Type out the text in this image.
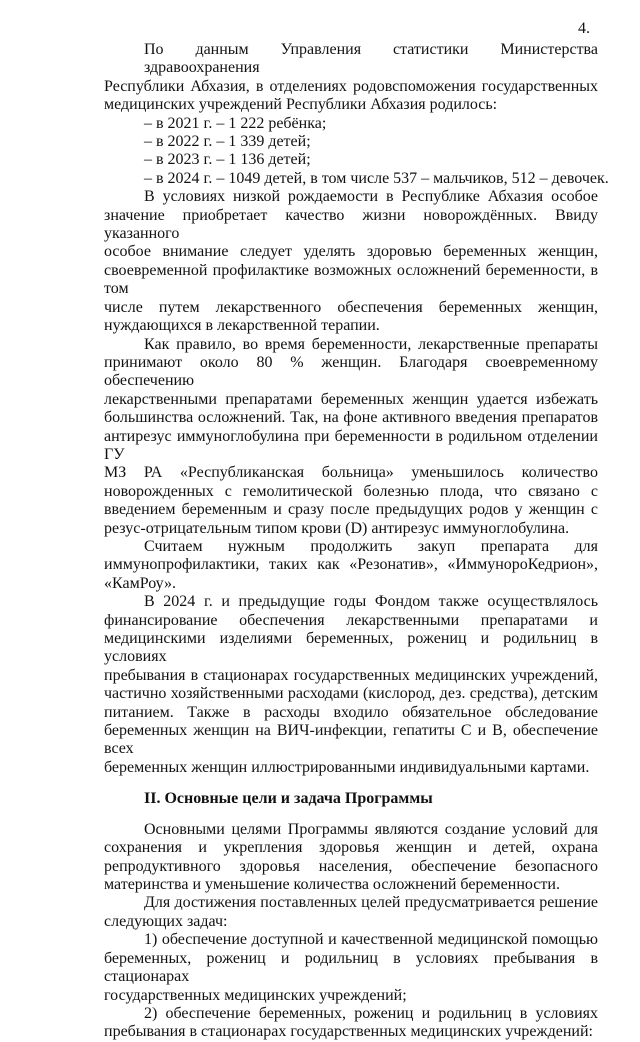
4.
По данным Управления статистики Министерства здравоохранения
Республики Абхазия, в отделениях родовспоможения государственных
медицинских учреждений Республики Абхазия родилось:
– в 2021 г. – 1 222 ребёнка;
– в 2022 г. – 1 339 детей;
– в 2023 г. – 1 136 детей;
– в 2024 г. – 1049 детей, в том числе 537 – мальчиков, 512 – девочек.
В условиях низкой рождаемости в Республике Абхазия особое
значение приобретает качество жизни новорождённых. Ввиду указанного
особое внимание следует уделять здоровью беременных женщин,
своевременной профилактике возможных осложнений беременности, в том
числе путем лекарственного обеспечения беременных женщин,
нуждающихся в лекарственной терапии.
Как правило, во время беременности, лекарственные препараты
принимают около 80 % женщин. Благодаря своевременному обеспечению
лекарственными препаратами беременных женщин удается избежать
большинства осложнений. Так, на фоне активного введения препаратов
антирезус иммуноглобулина при беременности в родильном отделении ГУ
МЗ РА «Республиканская больница» уменьшилось количество
новорожденных с гемолитической болезнью плода, что связано с
введением беременным и сразу после предыдущих родов у женщин с
резус-отрицательным типом крови (D) антирезус иммуноглобулина.
Считаем нужным продолжить закуп препарата для
иммунопрофилактики, таких как «Резонатив», «ИммунороКедрион»,
«КамРоу».
В 2024 г. и предыдущие годы Фондом также осуществлялось
финансирование обеспечения лекарственными препаратами и
медицинскими изделиями беременных, рожениц и родильниц в условиях
пребывания в стационарах государственных медицинских учреждений,
частично хозяйственными расходами (кислород, дез. средства), детским
питанием. Также в расходы входило обязательное обследование
беременных женщин на ВИЧ-инфекции, гепатиты С и В, обеспечение всех
беременных женщин иллюстрированными индивидуальными картами.
II. Основные цели и задача Программы
Основными целями Программы являются создание условий для
сохранения и укрепления здоровья женщин и детей, охрана
репродуктивного здоровья населения, обеспечение безопасного
материнства и уменьшение количества осложнений беременности.
Для достижения поставленных целей предусматривается решение
следующих задач:
1) обеспечение доступной и качественной медицинской помощью
беременных, рожениц и родильниц в условиях пребывания в стационарах
государственных медицинских учреждений;
2) обеспечение беременных, рожениц и родильниц в условиях
пребывания в стационарах государственных медицинских учреждений:
